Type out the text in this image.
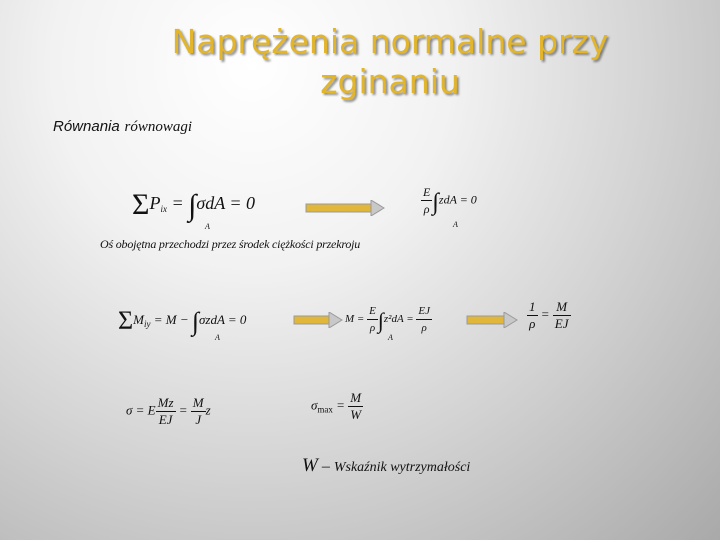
Naprężenia normalne przy
zginaniu
Równania równowagi
$\Sigma P_{ix} = \int\sigma dA = 0$
A
$\frac{E}{\rho} \int zdA = 0$
A
Oś obojętna przechodzi przez środek ciężkości przekroju
$\Sigma M_{iy} = M - \int\sigma zdA = 0$
A
$M = \frac{E}{\rho} \int z^2dA = \frac{EJ}{\rho}$
A
$\frac{1}{\rho} = \frac{M}{EJ}$
σ = E $\frac{Mz}{EJ} = \frac{M}{J}$ z	$\sigma_{max} = \frac{M}{W}$
W – Wskaźnik wytrzymałości
